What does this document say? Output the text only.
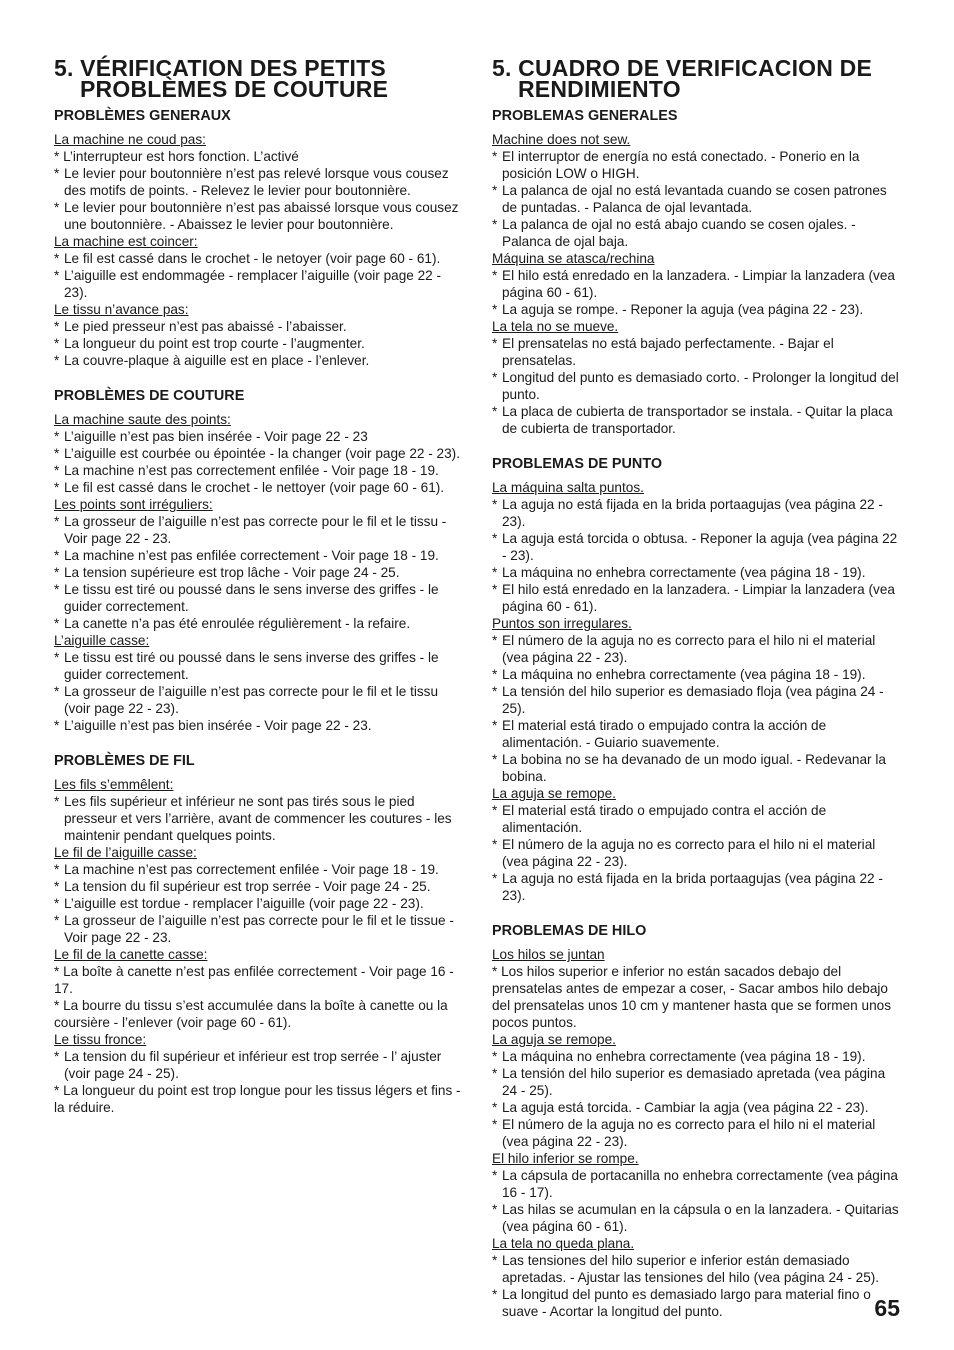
5. VÉRIFICATION DES PETITS
PROBLÈMES DE COUTURE
PROBLÈMES GENERAUX
La machine ne coud pas:
* L’interrupteur est hors fonction. L’activé
* Le levier pour boutonnière n’est pas relevé lorsque vous cousez des motifs de points. - Relevez le levier pour boutonnière.
* Le levier pour boutonnière n’est pas abaissé lorsque vous cousez une boutonnière. - Abaissez le levier pour boutonnière.
La machine est coincer:
* Le fil est cassé dans le crochet - le netoyer (voir page 60 - 61).
* L’aiguille est endommagée - remplacer l’aiguille (voir page 22 - 23).
Le tissu n’avance pas:
* Le pied presseur n’est pas abaissé - l’abaisser.
* La longueur du point est trop courte - l’augmenter.
* La couvre-plaque à aiguille est en place - l’enlever.
PROBLÈMES DE COUTURE
La machine saute des points:
* L’aiguille n’est pas bien insérée - Voir page 22 - 23
* L’aiguille est courbée ou épointée - la changer (voir page 22 - 23).
* La machine n’est pas correctement enfilée - Voir page 18 - 19.
* Le fil est cassé dans le crochet - le nettoyer (voir page 60 - 61).
Les points sont irréguliers:
* La grosseur de l’aiguille n’est pas correcte pour le fil et le tissu - Voir page 22 - 23.
* La machine n’est pas enfilée correctement - Voir page 18 - 19.
* La tension supérieure est trop lâche - Voir page 24 - 25.
* Le tissu est tiré ou poussé dans le sens inverse des griffes - le guider correctement.
* La canette n’a pas été enroulée régulièrement - la refaire.
L’aiguille casse:
* Le tissu est tiré ou poussé dans le sens inverse des griffes - le guider correctement.
* La grosseur de l’aiguille n’est pas correcte pour le fil et le tissu (voir page 22 - 23).
* L’aiguille n’est pas bien insérée - Voir page 22 - 23.
PROBLÈMES DE FIL
Les fils s’emmêlent:
* Les fils supérieur et inférieur ne sont pas tirés sous le pied presseur et vers l’arrière, avant de commencer les coutures - les maintenir pendant quelques points.
Le fil de l’aiguille casse:
* La machine n’est pas correctement enfilée - Voir page 18 - 19.
* La tension du fil supérieur est trop serrée - Voir page 24 - 25.
* L’aiguille est tordue - remplacer l’aiguille (voir page 22 - 23).
* La grosseur de l’aiguille n’est pas correcte pour le fil et le tissue - Voir page 22 - 23.
Le fil de la canette casse:
* La boîte à canette n’est pas enfilée correctement - Voir page 16 - 17.
* La bourre du tissu s’est accumulée dans la boîte à canette ou la coursière - l’enlever (voir page 60 - 61).
Le tissu fronce:
* La tension du fil supérieur et inférieur est trop serrée - l’ ajuster (voir page 24 - 25).
* La longueur du point est trop longue pour les tissus légers et fins - la réduire.
5. CUADRO DE VERIFICACION DE
RENDIMIENTO
PROBLEMAS GENERALES
Machine does not sew.
* El interruptor de energía no está conectado. - Ponerio en la posición LOW o HIGH.
* La palanca de ojal no está levantada cuando se cosen patrones de puntadas. - Palanca de ojal levantada.
* La palanca de ojal no está abajo cuando se cosen ojales. - Palanca de ojal baja.
Máquina se atasca/rechina
* El hilo está enredado en la lanzadera. - Limpiar la lanzadera (vea página 60 - 61).
* La aguja se rompe. - Reponer la aguja (vea página 22 - 23).
La tela no se mueve.
* El prensatelas no está bajado perfectamente. - Bajar el prensatelas.
* Longitud del punto es demasiado corto. - Prolonger la longitud del punto.
* La placa de cubierta de transportador se instala. - Quitar la placa de cubierta de transportador.
PROBLEMAS DE PUNTO
La máquina salta puntos.
* La aguja no está fijada en la brida portaagujas (vea página 22 - 23).
* La aguja está torcida o obtusa. - Reponer la aguja (vea página 22 - 23).
* La máquina no enhebra correctamente (vea página 18 - 19).
* El hilo está enredado en la lanzadera. - Limpiar la lanzadera (vea página 60 - 61).
Puntos son irregulares.
* El número de la aguja no es correcto para el hilo ni el material (vea página 22 - 23).
* La máquina no enhebra correctamente (vea página 18 - 19).
* La tensión del hilo superior es demasiado floja (vea página 24 - 25).
* El material está tirado o empujado contra la acción de alimentación. - Guiario suavemente.
* La bobina no se ha devanado de un modo igual. - Redevanar la bobina.
La aguja se remope.
* El material está tirado o empujado contra el acción de alimentación.
* El número de la aguja no es correcto para el hilo ni el material (vea página 22 - 23).
* La aguja no está fijada en la brida portaagujas (vea página 22 - 23).
PROBLEMAS DE HILO
Los hilos se juntan
* Los hilos superior e inferior no están sacados debajo del prensatelas antes de empezar a coser, - Sacar ambos hilo debajo del prensatelas unos 10 cm y mantener hasta que se formen unos pocos puntos.
La aguja se remope.
* La máquina no enhebra correctamente (vea página 18 - 19).
* La tensión del hilo superior es demasiado apretada (vea página 24 - 25).
* La aguja está torcida. - Cambiar la agja (vea página 22 - 23).
* El número de la aguja no es correcto para el hilo ni el material (vea página 22 - 23).
El hilo inferior se rompe.
* La cápsula de portacanilla no enhebra correctamente (vea página 16 - 17).
* Las hilas se acumulan en la cápsula o en la lanzadera. - Quitarias (vea página 60 - 61).
La tela no queda plana.
* Las tensiones del hilo superior e inferior están demasiado apretadas. - Ajustar las tensiones del hilo (vea página 24 - 25).
* La longitud del punto es demasiado largo para material fino o suave - Acortar la longitud del punto.	65
